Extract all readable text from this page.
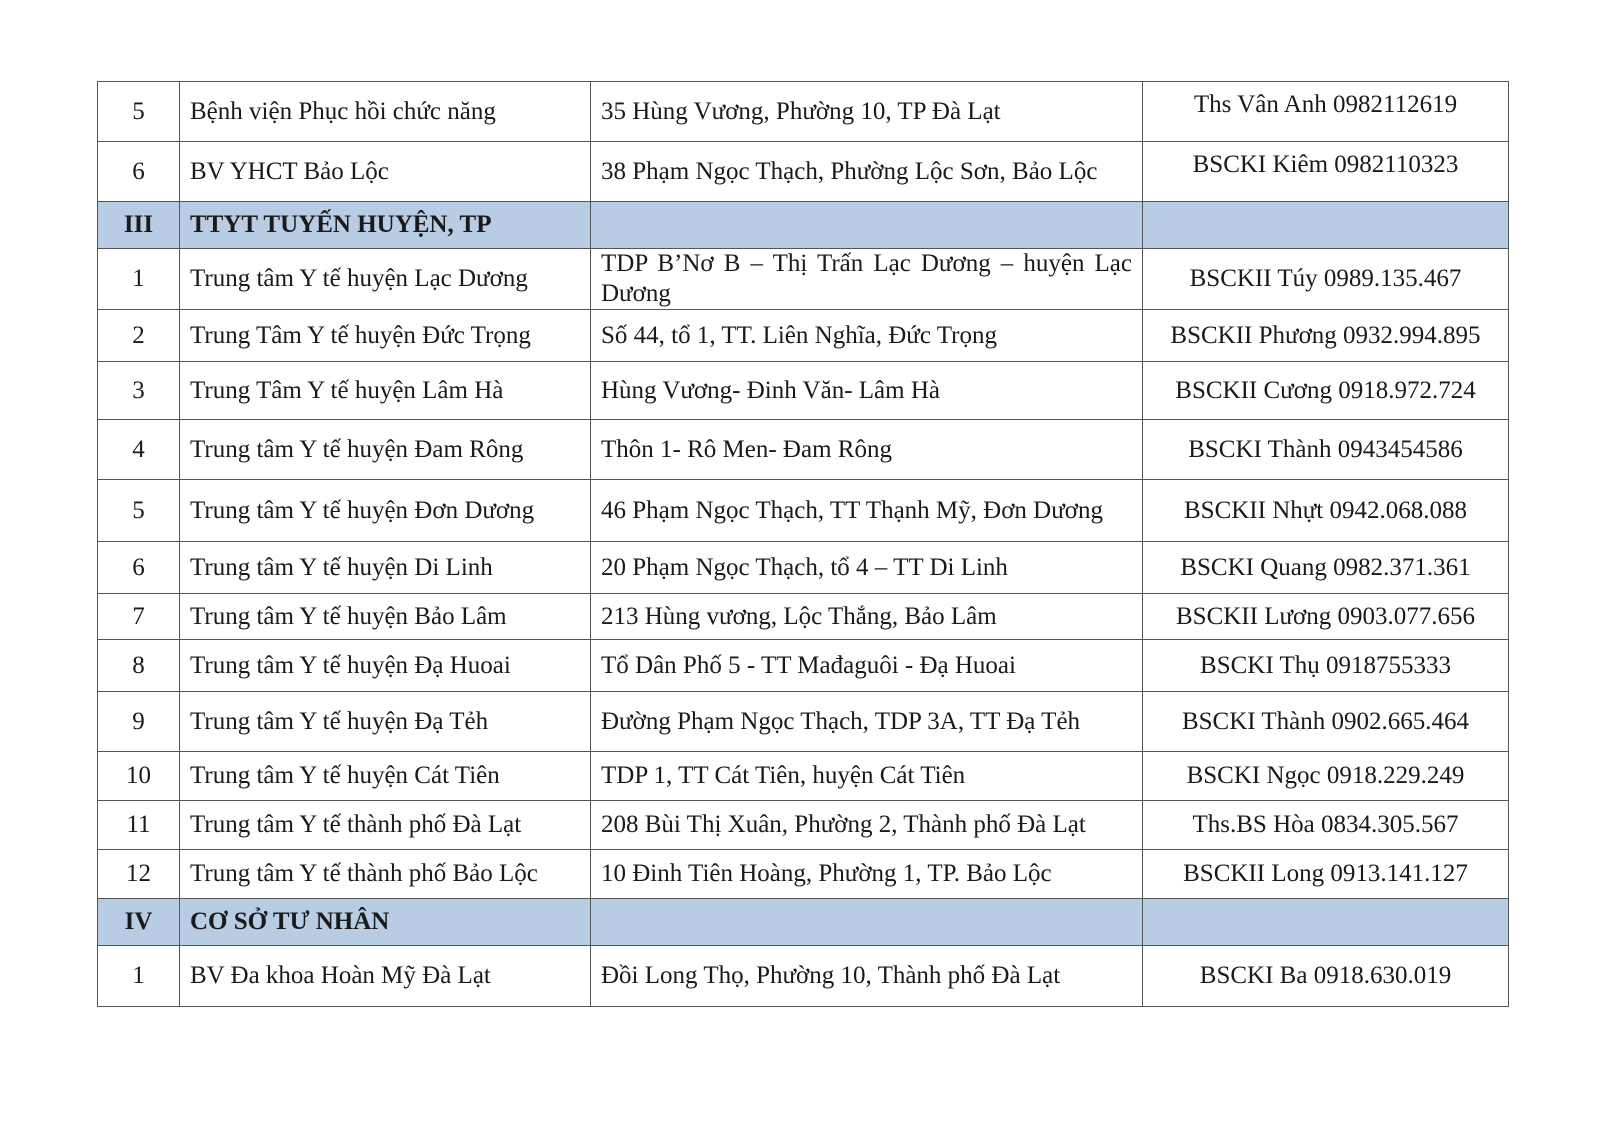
5	Bệnh viện Phục hồi chức năng	35 Hùng Vương, Phường 10, TP Đà Lạt	Ths Vân Anh 0982112619
6	BV YHCT Bảo Lộc	38 Phạm Ngọc Thạch, Phường Lộc Sơn, Bảo Lộc	BSCKI Kiêm 0982110323
III	TTYT TUYẾN HUYỆN, TP		
1	Trung tâm Y tế huyện Lạc Dương	TDP B’Nơ B – Thị Trấn Lạc Dương – huyện Lạc Dương	BSCKII Túy 0989.135.467
2	Trung Tâm Y tế huyện Đức Trọng	Số 44, tổ 1, TT. Liên Nghĩa, Đức Trọng	BSCKII Phương 0932.994.895
3	Trung Tâm Y tế huyện Lâm Hà	Hùng Vương- Đinh Văn- Lâm Hà	BSCKII Cương 0918.972.724
4	Trung tâm Y tế huyện Đam Rông	Thôn 1- Rô Men- Đam Rông	BSCKI Thành 0943454586
5	Trung tâm Y tế huyện Đơn Dương	46 Phạm Ngọc Thạch, TT Thạnh Mỹ, Đơn Dương	BSCKII Nhựt 0942.068.088
6	Trung tâm Y tế huyện Di Linh	20 Phạm Ngọc Thạch, tổ 4 – TT Di Linh	BSCKI Quang 0982.371.361
7	Trung tâm Y tế huyện Bảo Lâm	213 Hùng vương, Lộc Thắng, Bảo Lâm	BSCKII Lương 0903.077.656
8	Trung tâm Y tế huyện Đạ Huoai	Tổ Dân Phố 5 - TT Mađaguôi - Đạ Huoai	BSCKI Thụ 0918755333
9	Trung tâm Y tế huyện Đạ Tẻh	Đường Phạm Ngọc Thạch, TDP 3A, TT Đạ Tẻh	BSCKI Thành 0902.665.464
10	Trung tâm Y tế huyện Cát Tiên	TDP 1, TT Cát Tiên, huyện Cát Tiên	BSCKI Ngọc 0918.229.249
11	Trung tâm Y tế thành phố Đà Lạt	208 Bùi Thị Xuân, Phường 2, Thành phố Đà Lạt	Ths.BS Hòa 0834.305.567
12	Trung tâm Y tế thành phố Bảo Lộc	10 Đinh Tiên Hoàng, Phường 1, TP. Bảo Lộc	BSCKII Long 0913.141.127
IV	CƠ SỞ TƯ NHÂN		
1	BV Đa khoa Hoàn Mỹ Đà Lạt	Đồi Long Thọ, Phường 10, Thành phố Đà Lạt	BSCKI Ba 0918.630.019
